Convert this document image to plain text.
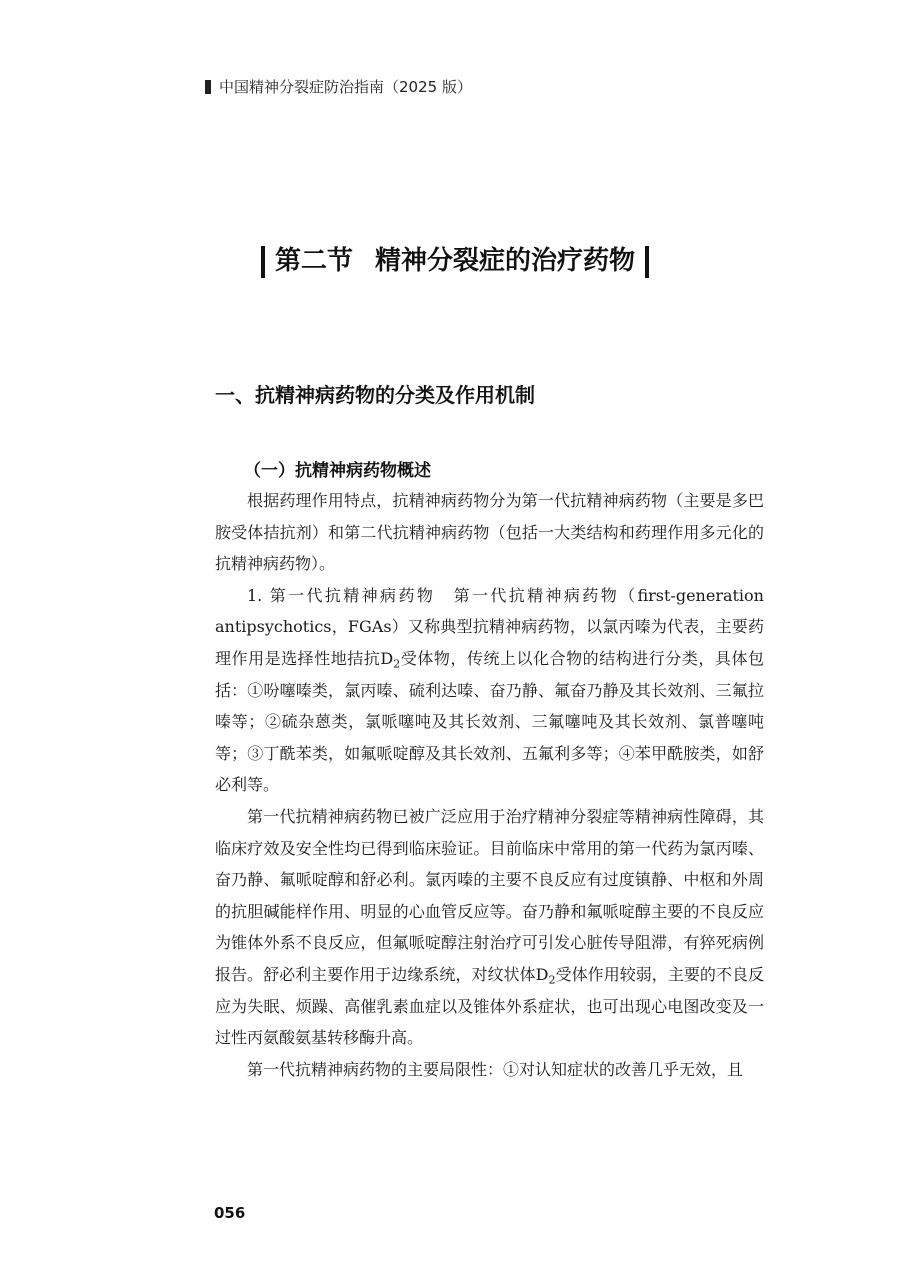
中国精神分裂症防治指南（2025 版）
第二节 精神分裂症的治疗药物
一、抗精神病药物的分类及作用机制
（一）抗精神病药物概述

根据药理作用特点，抗精神病药物分为第一代抗精神病药物（主要是多巴胺受体拮抗剂）和第二代抗精神病药物（包括一大类结构和药理作用多元化的抗精神病药物）。

1. 第一代抗精神病药物　第一代抗精神病药物（first-generation antipsychotics，FGAs）又称典型抗精神病药物，以氯丙嗪为代表，主要药理作用是选择性地拮抗$D_2$受体物，传统上以化合物的结构进行分类，具体包括：①吩噻嗪类，氯丙嗪、硫利达嗪、奋乃静、氟奋乃静及其长效剂、三氟拉嗪等；②硫杂蒽类，氯哌噻吨及其长效剂、三氟噻吨及其长效剂、氯普噻吨等；③丁酰苯类，如氟哌啶醇及其长效剂、五氟利多等；④苯甲酰胺类，如舒必利等。

第一代抗精神病药物已被广泛应用于治疗精神分裂症等精神病性障碍，其临床疗效及安全性均已得到临床验证。目前临床中常用的第一代药为氯丙嗪、奋乃静、氟哌啶醇和舒必利。氯丙嗪的主要不良反应有过度镇静、中枢和外周的抗胆碱能样作用、明显的心血管反应等。奋乃静和氟哌啶醇主要的不良反应为锥体外系不良反应，但氟哌啶醇注射治疗可引发心脏传导阻滞，有猝死病例报告。舒必利主要作用于边缘系统，对纹状体$D_2$受体作用较弱，主要的不良反应为失眠、烦躁、高催乳素血症以及锥体外系症状，也可出现心电图改变及一过性丙氨酸氨基转移酶升高。

第一代抗精神病药物的主要局限性：①对认知症状的改善几乎无效，且

056
